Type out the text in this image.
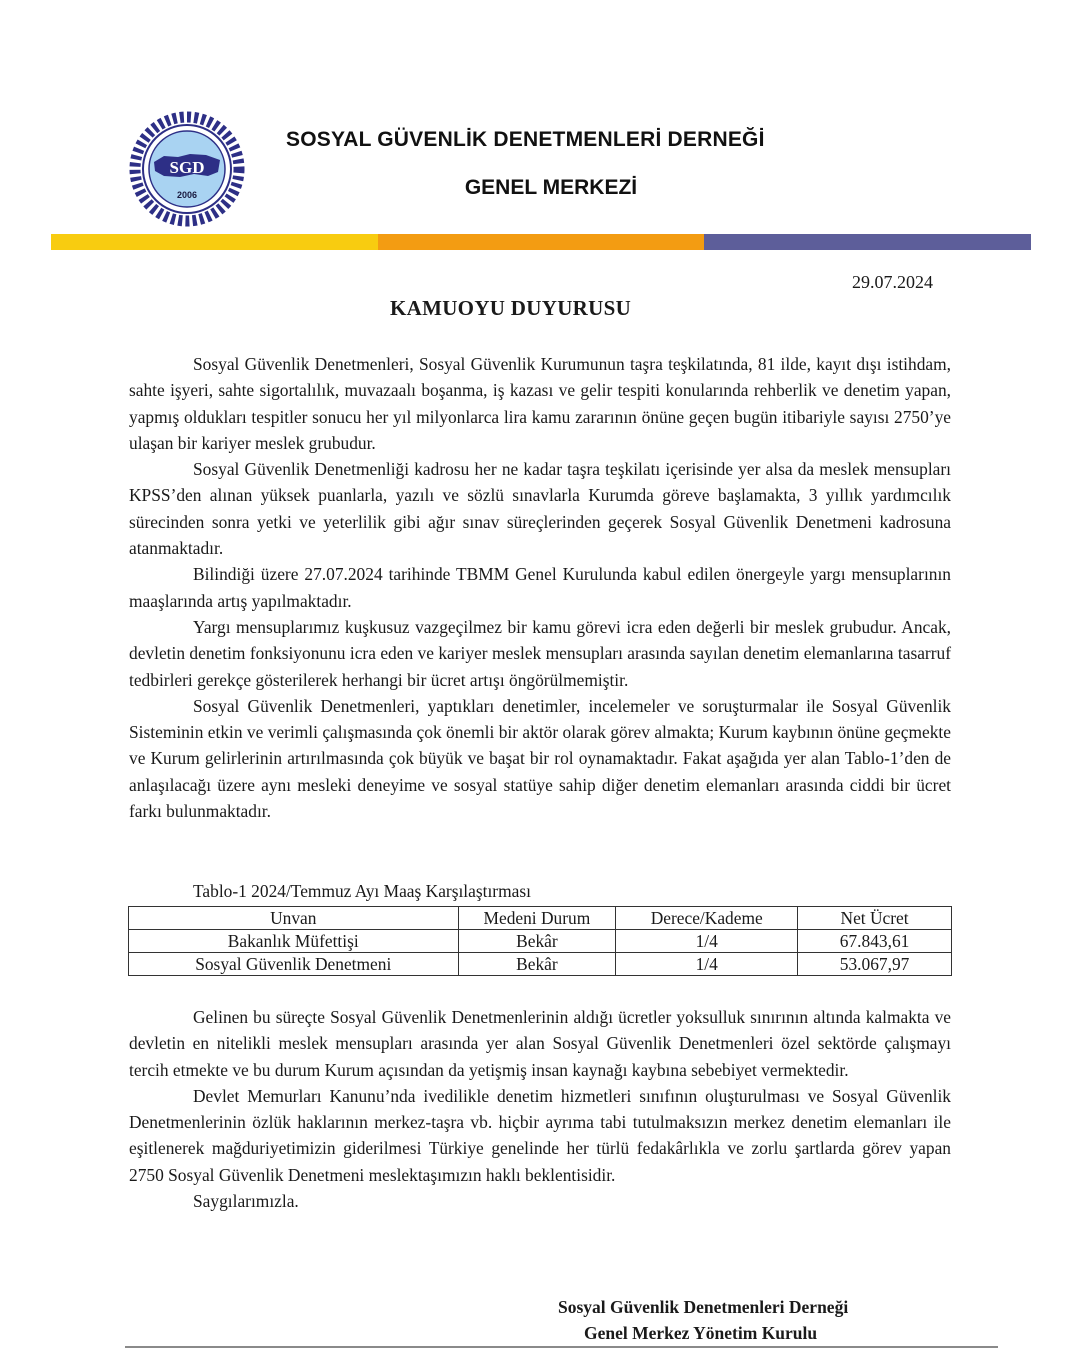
SGD
2006
SOSYAL GÜVENLİK DENETMENLERİ DERNEĞİ
GENEL MERKEZİ
29.07.2024
KAMUOYU DUYURUSU

Sosyal Güvenlik Denetmenleri, Sosyal Güvenlik Kurumunun taşra teşkilatında, 81 ilde, kayıt dışı istihdam, sahte işyeri, sahte sigortalılık, muvazaalı boşanma, iş kazası ve gelir tespiti konularında rehberlik ve denetim yapan, yapmış oldukları tespitler sonucu her yıl milyonlarca lira kamu zararının önüne geçen bugün itibariyle sayısı 2750’ye ulaşan bir kariyer meslek grubudur.

Sosyal Güvenlik Denetmenliği kadrosu her ne kadar taşra teşkilatı içerisinde yer alsa da meslek mensupları KPSS’den alınan yüksek puanlarla, yazılı ve sözlü sınavlarla Kurumda göreve başlamakta, 3 yıllık yardımcılık sürecinden sonra yetki ve yeterlilik gibi ağır sınav süreçlerinden geçerek Sosyal Güvenlik Denetmeni kadrosuna atanmaktadır.

Bilindiği üzere 27.07.2024 tarihinde TBMM Genel Kurulunda kabul edilen önergeyle yargı mensuplarının maaşlarında artış yapılmaktadır.

Yargı mensuplarımız kuşkusuz vazgeçilmez bir kamu görevi icra eden değerli bir meslek grubudur. Ancak, devletin denetim fonksiyonunu icra eden ve kariyer meslek mensupları arasında sayılan denetim elemanlarına tasarruf tedbirleri gerekçe gösterilerek herhangi bir ücret artışı öngörülmemiştir.

Sosyal Güvenlik Denetmenleri, yaptıkları denetimler, incelemeler ve soruşturmalar ile Sosyal Güvenlik Sisteminin etkin ve verimli çalışmasında çok önemli bir aktör olarak görev almakta; Kurum kaybının önüne geçmekte ve Kurum gelirlerinin artırılmasında çok büyük ve başat bir rol oynamaktadır. Fakat aşağıda yer alan Tablo-1’den de anlaşılacağı üzere aynı mesleki deneyime ve sosyal statüye sahip diğer denetim elemanları arasında ciddi bir ücret farkı bulunmaktadır.

Tablo-1 2024/Temmuz Ayı Maaş Karşılaştırması
Unvan	Medeni Durum	Derece/Kademe	Net Ücret
Bakanlık Müfettişi	Bekâr	1/4	67.843,61
Sosyal Güvenlik Denetmeni	Bekâr	1/4	53.067,97

Gelinen bu süreçte Sosyal Güvenlik Denetmenlerinin aldığı ücretler yoksulluk sınırının altında kalmakta ve devletin en nitelikli meslek mensupları arasında yer alan Sosyal Güvenlik Denetmenleri özel sektörde çalışmayı tercih etmekte ve bu durum Kurum açısından da yetişmiş insan kaynağı kaybına sebebiyet vermektedir.

Devlet Memurları Kanunu’nda ivedilikle denetim hizmetleri sınıfının oluşturulması ve Sosyal Güvenlik Denetmenlerinin özlük haklarının merkez-taşra vb. hiçbir ayrıma tabi tutulmaksızın merkez denetim elemanları ile eşitlenerek mağduriyetimizin giderilmesi Türkiye genelinde her türlü fedakârlıkla ve zorlu şartlarda görev yapan 2750 Sosyal Güvenlik Denetmeni meslektaşımızın haklı beklentisidir.

Saygılarımızla.

Sosyal Güvenlik Denetmenleri Derneği
Genel Merkez Yönetim Kurulu
